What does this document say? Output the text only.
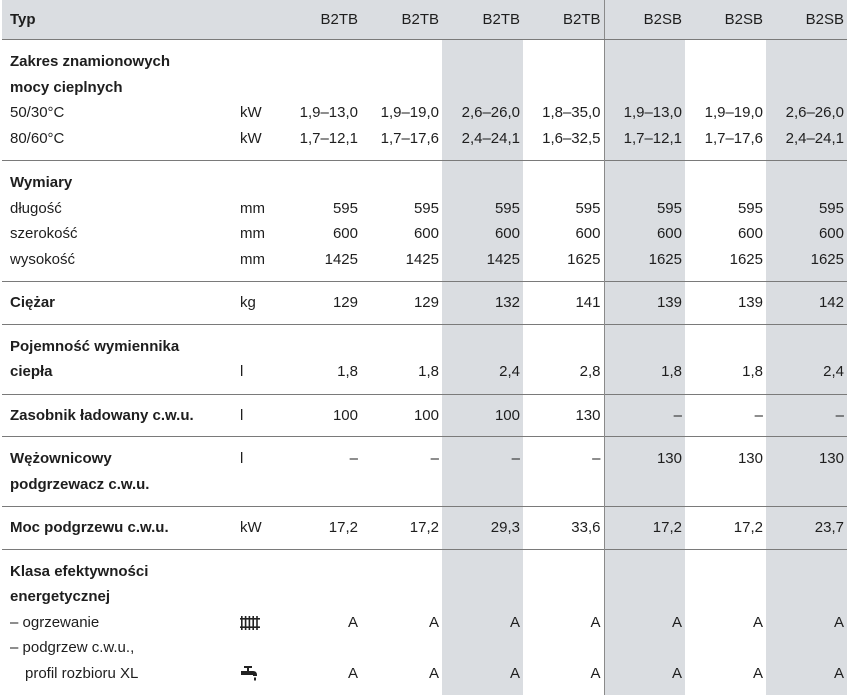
Typ		B2TB	B2TB	B2TB	B2TB	B2SB	B2SB	B2SB
Zakres znamionowych								
mocy cieplnych								
50/30°C	kW	1,9–13,0	1,9–19,0	2,6–26,0	1,8–35,0	1,9–13,0	1,9–19,0	2,6–26,0
80/60°C	kW	1,7–12,1	1,7–17,6	2,4–24,1	1,6–32,5	1,7–12,1	1,7–17,6	2,4–24,1
Wymiary								
długość	mm	595	595	595	595	595	595	595
szerokość	mm	600	600	600	600	600	600	600
wysokość	mm	1425	1425	1425	1625	1625	1625	1625
Ciężar	kg	129	129	132	141	139	139	142
Pojemność wymiennika								
ciepła	l	1,8	1,8	2,4	2,8	1,8	1,8	2,4
Zasobnik ładowany c.w.u.	l	100	100	100	130	–	–	–
Wężownicowy	l	–	–	–	–	130	130	130
podgrzewacz c.w.u.								
Moc podgrzewu c.w.u.	kW	17,2	17,2	29,3	33,6	17,2	17,2	23,7
Klasa efektywności								
energetycznej								
– ogrzewanie		A	A	A	A	A	A	A
– podgrzew c.w.u.,								
profil rozbioru XL		A	A	A	A	A	A	A
